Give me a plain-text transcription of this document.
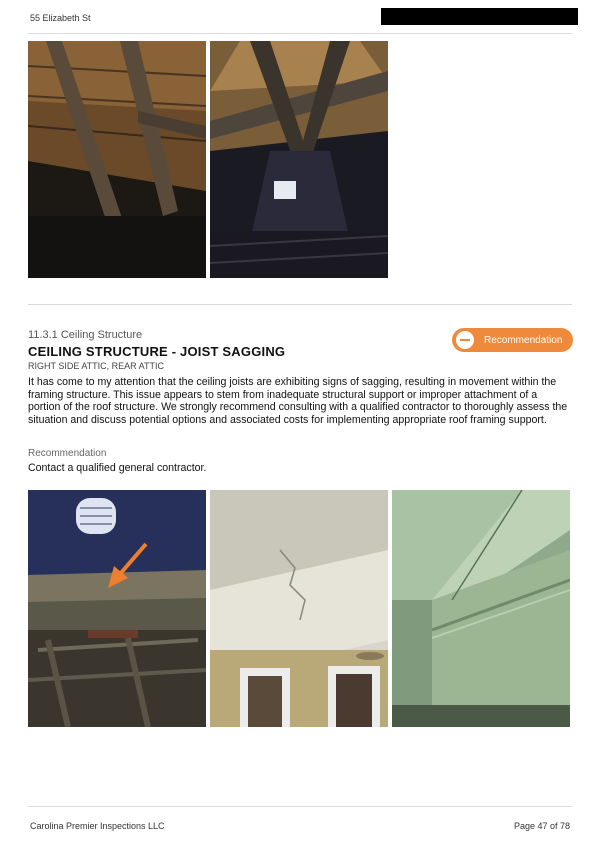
55 Elizabeth St
11.3.1 Ceiling Structure
CEILING STRUCTURE - JOIST SAGGING
RIGHT SIDE ATTIC, REAR ATTIC
Recommendation
It has come to my attention that the ceiling joists are exhibiting signs of sagging, resulting in movement within the framing structure. This issue appears to stem from inadequate structural support or improper attachment of a portion of the roof structure. We strongly recommend consulting with a qualified contractor to thoroughly assess the situation and discuss potential options and associated costs for implementing appropriate roof framing support.
Recommendation
Contact a qualified general contractor.
Carolina Premier Inspections LLC	Page 47 of 78
